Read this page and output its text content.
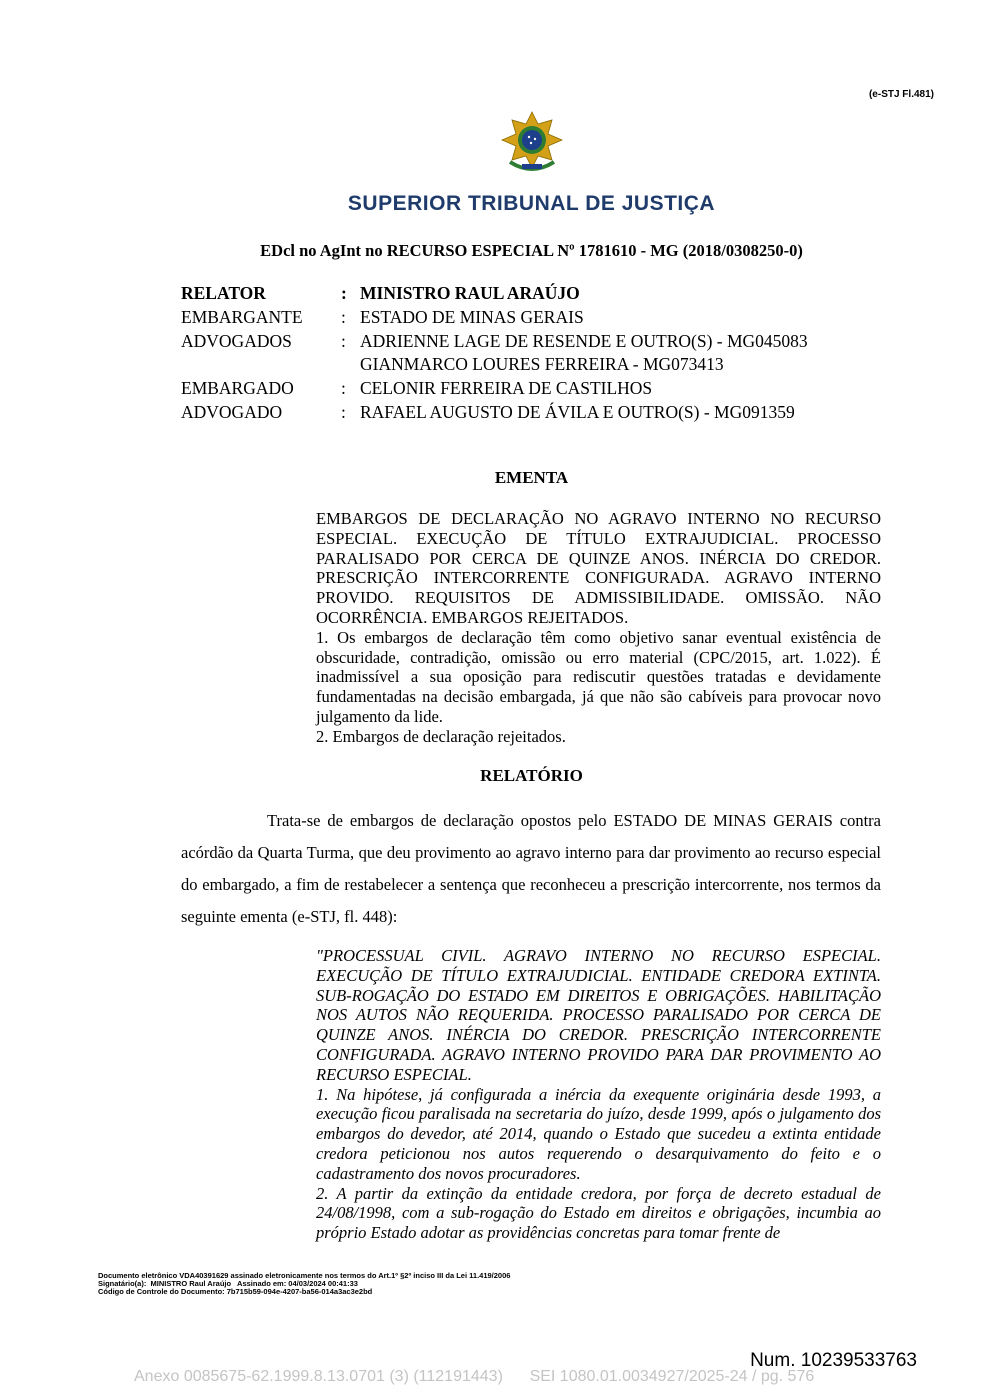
(e-STJ Fl.481)
SUPERIOR TRIBUNAL DE JUSTIÇA
EDcl no AgInt no RECURSO ESPECIAL Nº 1781610 - MG (2018/0308250-0)
RELATOR	: MINISTRO RAUL ARAÚJO
EMBARGANTE	: ESTADO DE MINAS GERAIS
ADVOGADOS	: ADRIENNE LAGE DE RESENDE E OUTRO(S) - MG045083
GIANMARCO LOURES FERREIRA - MG073413
EMBARGADO	: CELONIR FERREIRA DE CASTILHOS
ADVOGADO	: RAFAEL AUGUSTO DE ÁVILA E OUTRO(S) - MG091359
EMENTA

EMBARGOS DE DECLARAÇÃO NO AGRAVO INTERNO NO RECURSO ESPECIAL. EXECUÇÃO DE TÍTULO EXTRAJUDICIAL. PROCESSO PARALISADO POR CERCA DE QUINZE ANOS. INÉRCIA DO CREDOR. PRESCRIÇÃO INTERCORRENTE CONFIGURADA. AGRAVO INTERNO PROVIDO. REQUISITOS DE ADMISSIBILIDADE. OMISSÃO. NÃO OCORRÊNCIA. EMBARGOS REJEITADOS.

1. Os embargos de declaração têm como objetivo sanar eventual existência de obscuridade, contradição, omissão ou erro material (CPC/2015, art. 1.022). É inadmissível a sua oposição para rediscutir questões tratadas e devidamente fundamentadas na decisão embargada, já que não são cabíveis para provocar novo julgamento da lide.

2. Embargos de declaração rejeitados.

RELATÓRIO

Trata-se de embargos de declaração opostos pelo ESTADO DE MINAS GERAIS contra acórdão da Quarta Turma, que deu provimento ao agravo interno para dar provimento ao recurso especial do embargado, a fim de restabelecer a sentença que reconheceu a prescrição intercorrente, nos termos da seguinte ementa (e-STJ, fl. 448):

"PROCESSUAL CIVIL. AGRAVO INTERNO NO RECURSO ESPECIAL. EXECUÇÃO DE TÍTULO EXTRAJUDICIAL. ENTIDADE CREDORA EXTINTA. SUB-ROGAÇÃO DO ESTADO EM DIREITOS E OBRIGAÇÕES. HABILITAÇÃO NOS AUTOS NÃO REQUERIDA. PROCESSO PARALISADO POR CERCA DE QUINZE ANOS. INÉRCIA DO CREDOR. PRESCRIÇÃO INTERCORRENTE CONFIGURADA. AGRAVO INTERNO PROVIDO PARA DAR PROVIMENTO AO RECURSO ESPECIAL.

1. Na hipótese, já configurada a inércia da exequente originária desde 1993, a execução ficou paralisada na secretaria do juízo, desde 1999, após o julgamento dos embargos do devedor, até 2014, quando o Estado que sucedeu a extinta entidade credora peticionou nos autos requerendo o desarquivamento do feito e o cadastramento dos novos procuradores.

2. A partir da extinção da entidade credora, por força de decreto estadual de 24/08/1998, com a sub-rogação do Estado em direitos e obrigações, incumbia ao próprio Estado adotar as providências concretas para tomar frente de

Documento eletrônico VDA40391629 assinado eletronicamente nos termos do Art.1º §2º inciso III da Lei 11.419/2006
Signatário(a):  MINISTRO Raul Araújo   Assinado em: 04/03/2024 00:41:33
Código de Controle do Documento: 7b715b59-094e-4207-ba56-014a3ac3e2bd
Num. 10239533763
Anexo 0085675-62.1999.8.13.0701 (3) (112191443) SEI 1080.01.0034927/2025-24 / pg. 576
